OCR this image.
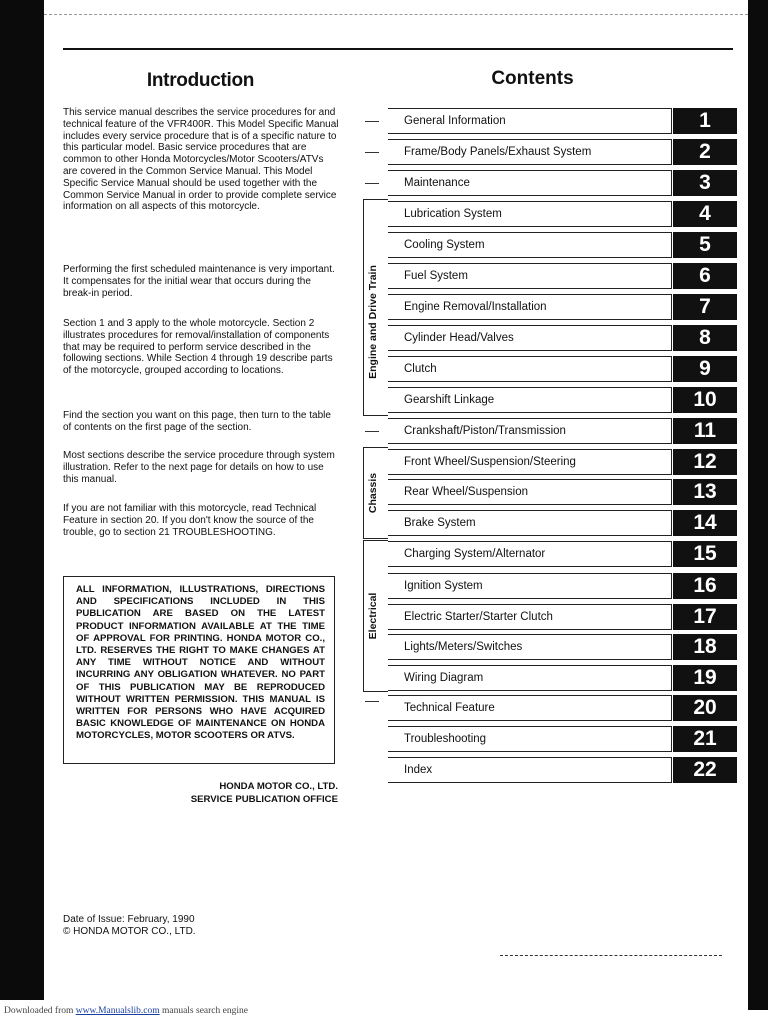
Introduction	Contents

This service manual describes the service procedures for and technical feature of the VFR400R. This Model Specific Manual includes every service procedure that is of a specific nature to this particular model. Basic service procedures that are common to other Honda Motorcycles/Motor Scooters/ATVs are covered in the Common Service Manual. This Model Specific Service Manual should be used together with the Common Service Manual in order to provide complete service information on all aspects of this motorcycle.

Performing the first scheduled maintenance is very important. It compensates for the initial wear that occurs during the break-in period.

Section 1 and 3 apply to the whole motorcycle. Section 2 illustrates procedures for removal/installation of components that may be required to perform service described in the following sections. While Section 4 through 19 describe parts of the motorcycle, grouped according to locations.

Find the section you want on this page, then turn to the table of contents on the first page of the section.

Most sections describe the service procedure through system illustration. Refer to the next page for details on how to use this manual.

If you are not familiar with this motorcycle, read Technical Feature in section 20. If you don't know the source of the trouble, go to section 21 TROUBLESHOOTING.

ALL INFORMATION, ILLUSTRATIONS, DIRECTIONS AND SPECIFICATIONS INCLUDED IN THIS PUBLICATION ARE BASED ON THE LATEST PRODUCT INFORMATION AVAILABLE AT THE TIME OF APPROVAL FOR PRINTING. HONDA MOTOR CO., LTD. RESERVES THE RIGHT TO MAKE CHANGES AT ANY TIME WITHOUT NOTICE AND WITHOUT INCURRING ANY OBLIGATION WHATEVER. NO PART OF THIS PUBLICATION MAY BE REPRODUCED WITHOUT WRITTEN PERMISSION. THIS MANUAL IS WRITTEN FOR PERSONS WHO HAVE ACQUIRED BASIC KNOWLEDGE OF MAINTENANCE ON HONDA MOTORCYCLES, MOTOR SCOOTERS OR ATVS.
HONDA MOTOR CO., LTD.
SERVICE PUBLICATION OFFICE
Engine and Drive Train
Chassis
Electrical
General Information	1
Frame/Body Panels/Exhaust System	2
Maintenance	3
Lubrication System	4
Cooling System	5
Fuel System	6
Engine Removal/Installation	7
Cylinder Head/Valves	8
Clutch	9
Gearshift Linkage	10
Crankshaft/Piston/Transmission	11
Front Wheel/Suspension/Steering	12
Rear Wheel/Suspension	13
Brake System	14
Charging System/Alternator	15
Ignition System	16
Electric Starter/Starter Clutch	17
Lights/Meters/Switches	18
Wiring Diagram	19
Technical Feature	20
Troubleshooting	21
Index	22
Date of Issue: February, 1990
© HONDA MOTOR CO., LTD.
Downloaded from www.Manualslib.com manuals search engine
